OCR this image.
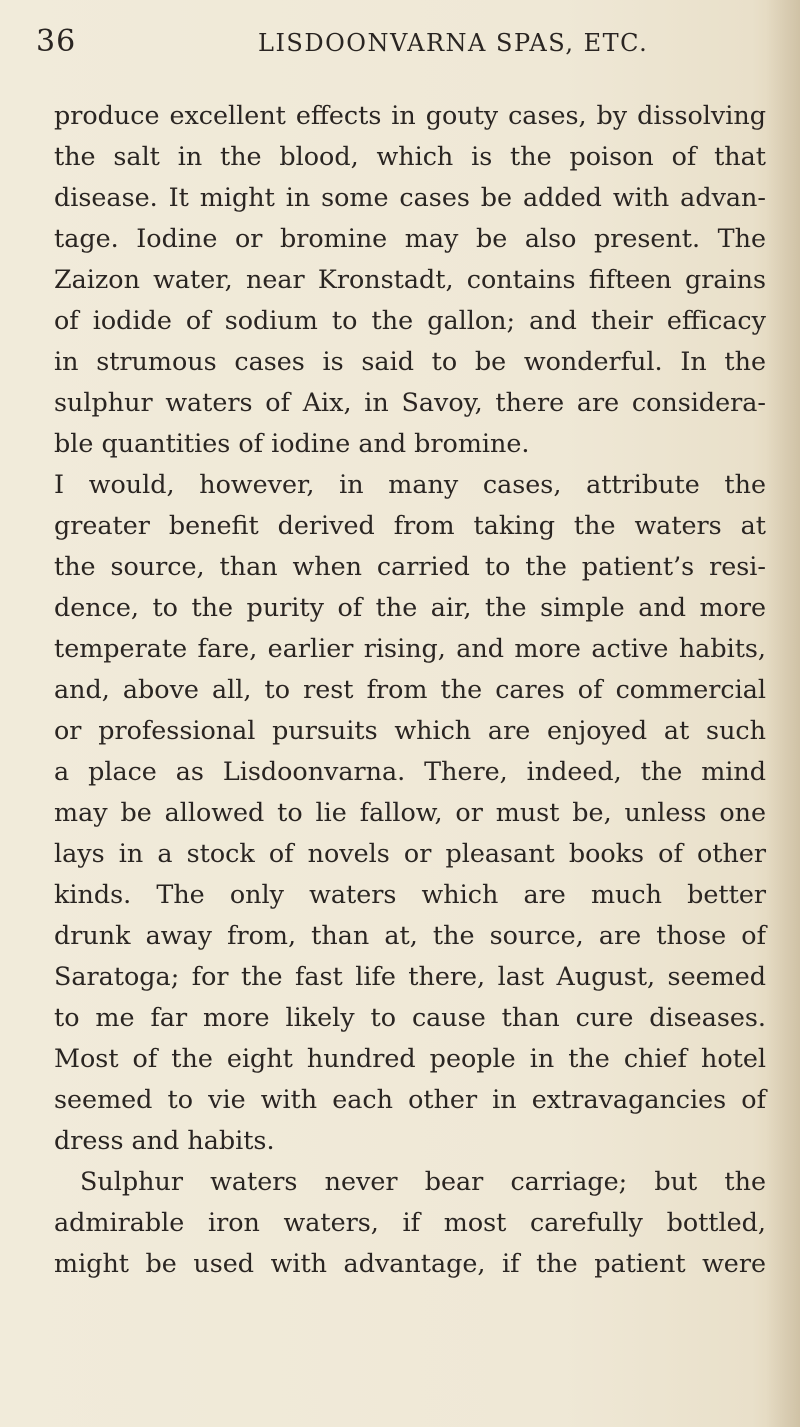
36	LISDOONVARNA SPAS, ETC.
produce excellent effects in gouty cases, by dissolving
the salt in the blood, which is the poison of that
disease. It might in some cases be added with advan-
tage. Iodine or bromine may be also present. The
Zaizon water, near Kronstadt, contains fifteen grains
of iodide of sodium to the gallon; and their efficacy
in strumous cases is said to be wonderful. In the
sulphur waters of Aix, in Savoy, there are considera-
ble quantities of iodine and bromine.
I would, however, in many cases, attribute the
greater benefit derived from taking the waters at
the source, than when carried to the patient’s resi-
dence, to the purity of the air, the simple and more
temperate fare, earlier rising, and more active habits,
and, above all, to rest from the cares of commercial
or professional pursuits which are enjoyed at such
a place as Lisdoonvarna. There, indeed, the mind
may be allowed to lie fallow, or must be, unless one
lays in a stock of novels or pleasant books of other
kinds. The only waters which are much better
drunk away from, than at, the source, are those of
Saratoga; for the fast life there, last August, seemed
to me far more likely to cause than cure diseases.
Most of the eight hundred people in the chief hotel
seemed to vie with each other in extravagancies of
dress and habits.
Sulphur waters never bear carriage; but the
admirable iron waters, if most carefully bottled,
might be used with advantage, if the patient were
